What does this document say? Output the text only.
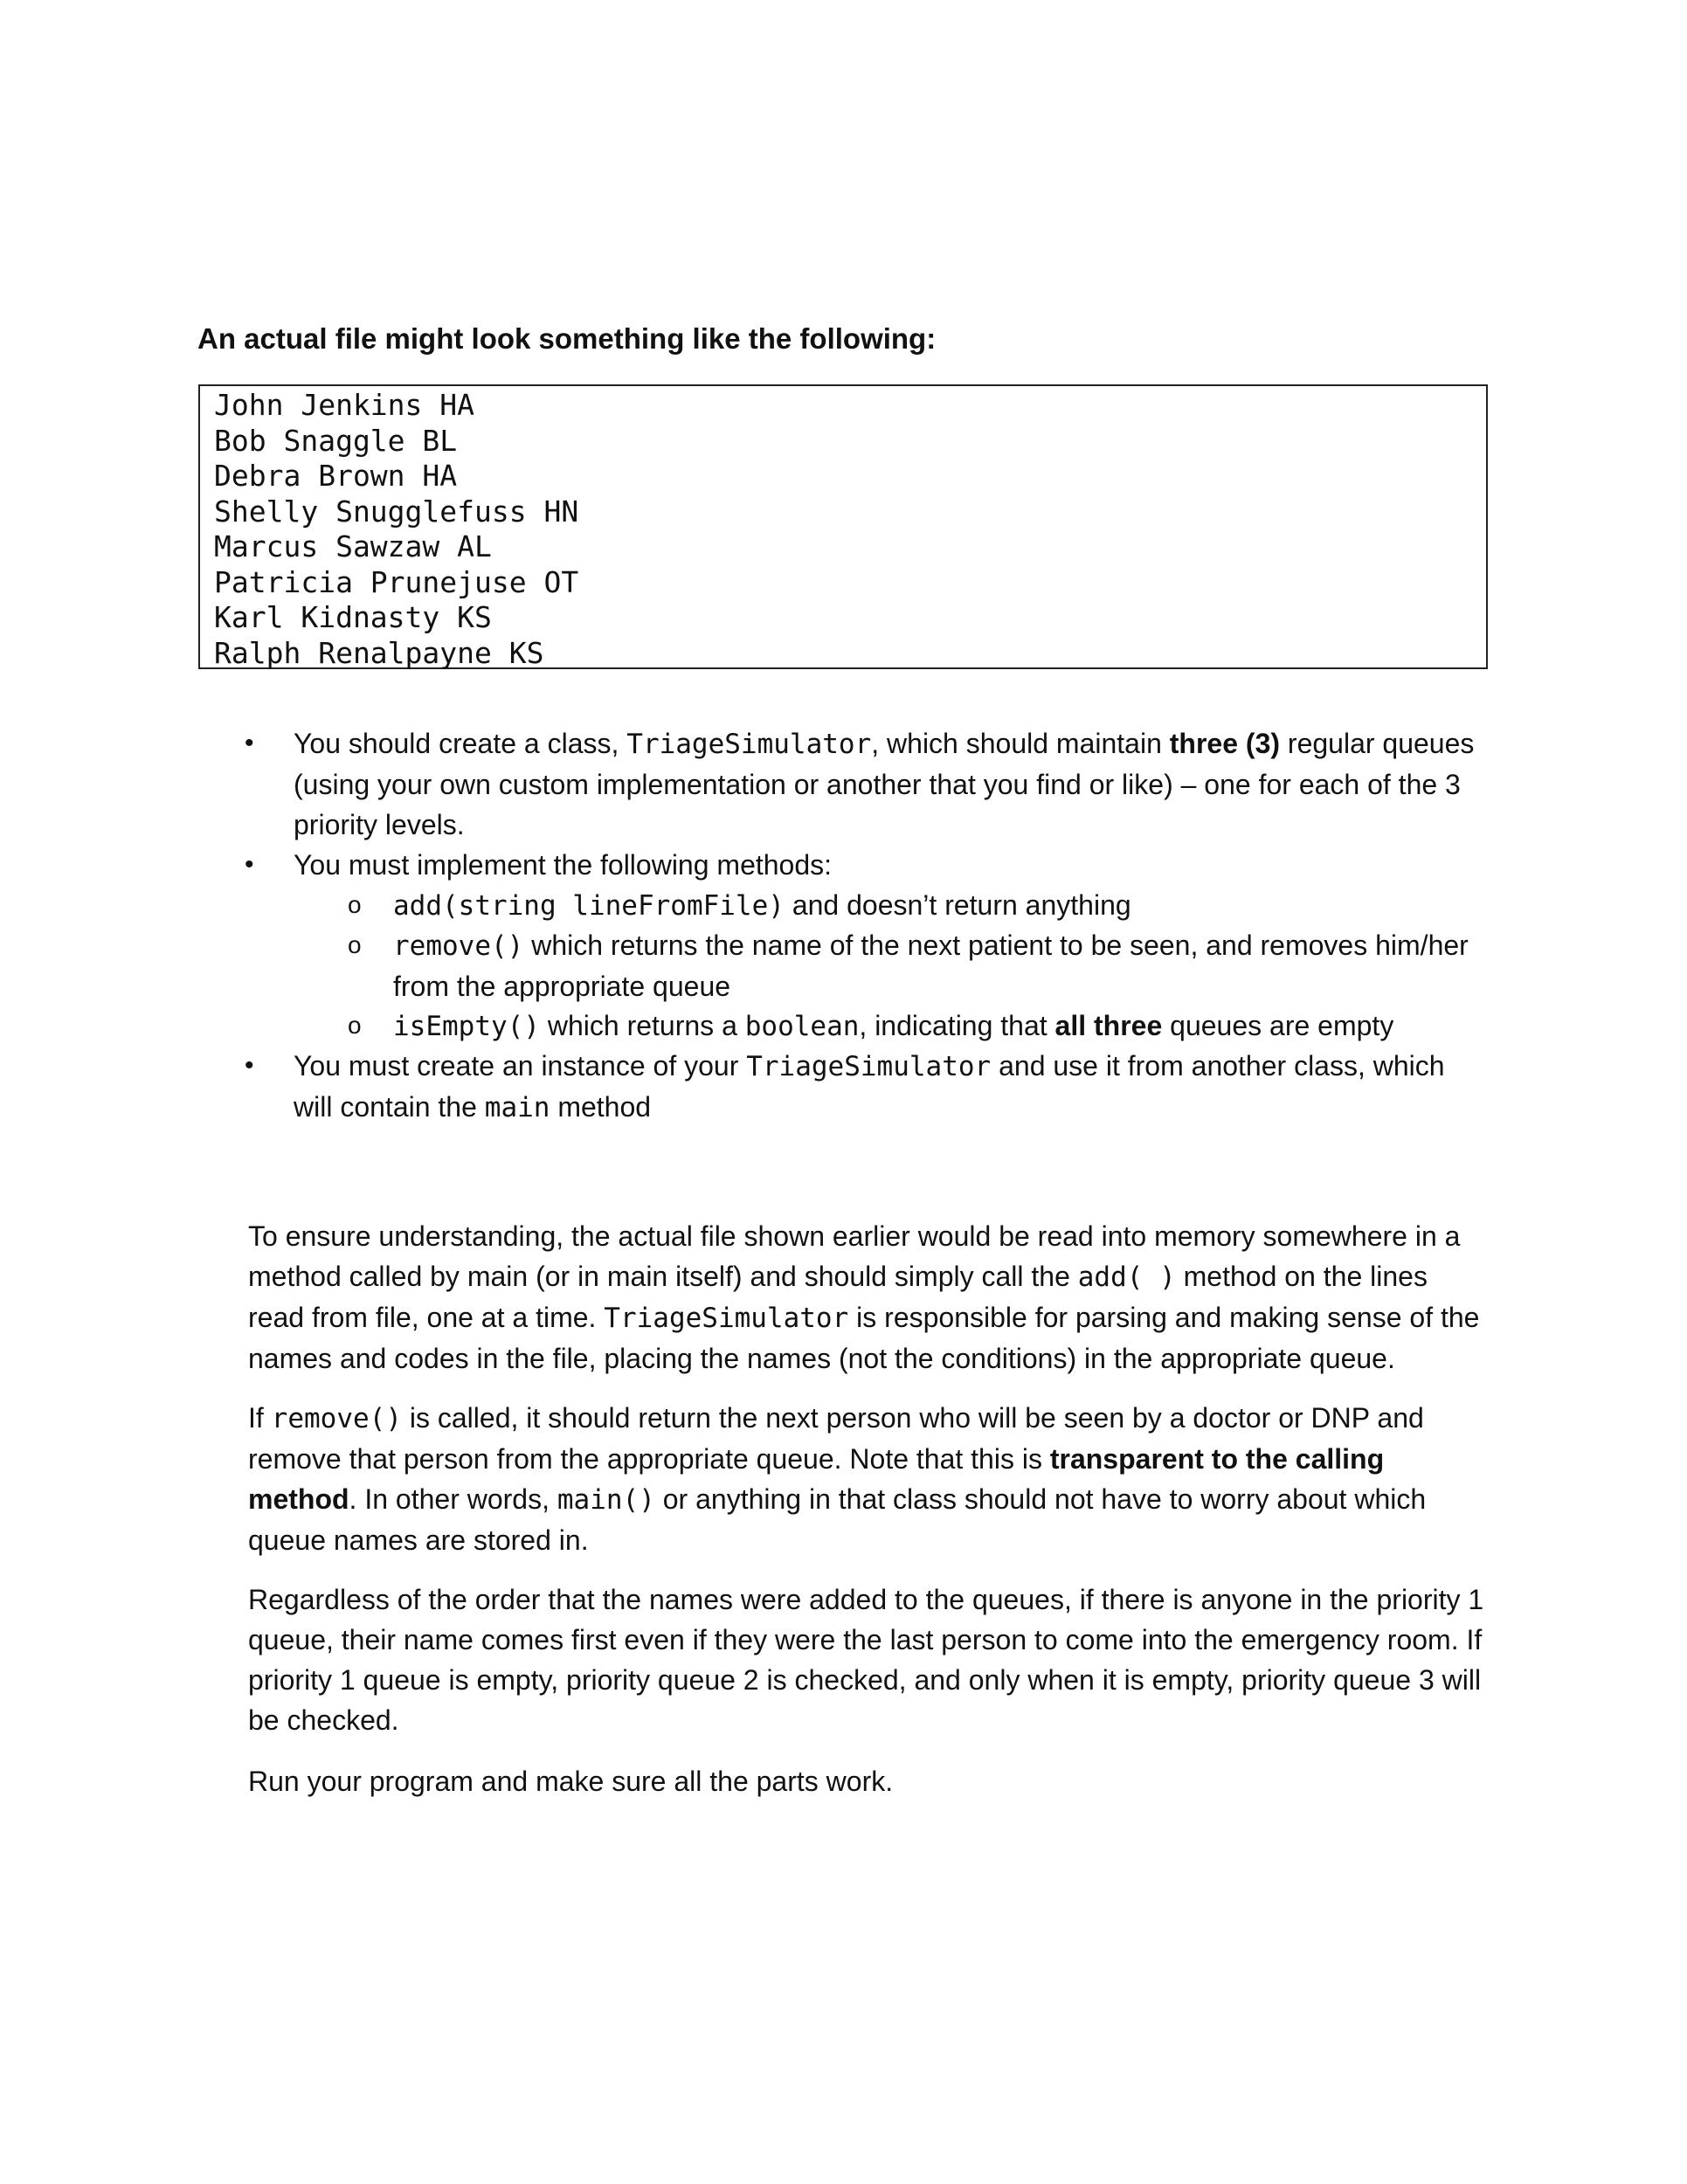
An actual file might look something like the following:
John Jenkins HA
Bob Snaggle BL
Debra Brown HA
Shelly Snugglefuss HN
Marcus Sawzaw AL
Patricia Prunejuse OT
Karl Kidnasty KS
Ralph Renalpayne KS
• You should create a class, TriageSimulator, which should maintain three (3) regular queues (using your own custom implementation or another that you find or like) – one for each of the 3 priority levels.
• You must implement the following methods:
o add(string lineFromFile) and doesn’t return anything
o remove() which returns the name of the next patient to be seen, and removes him/her from the appropriate queue
o isEmpty() which returns a boolean, indicating that all three queues are empty
• You must create an instance of your TriageSimulator and use it from another class, which will contain the main method
To ensure understanding, the actual file shown earlier would be read into memory somewhere in a method called by main (or in main itself) and should simply call the add( ) method on the lines read from file, one at a time. TriageSimulator is responsible for parsing and making sense of the names and codes in the file, placing the names (not the conditions) in the appropriate queue.
If remove() is called, it should return the next person who will be seen by a doctor or DNP and remove that person from the appropriate queue. Note that this is transparent to the calling method. In other words, main() or anything in that class should not have to worry about which queue names are stored in.
Regardless of the order that the names were added to the queues, if there is anyone in the priority 1 queue, their name comes first even if they were the last person to come into the emergency room. If priority 1 queue is empty, priority queue 2 is checked, and only when it is empty, priority queue 3 will be checked.
Run your program and make sure all the parts work.
